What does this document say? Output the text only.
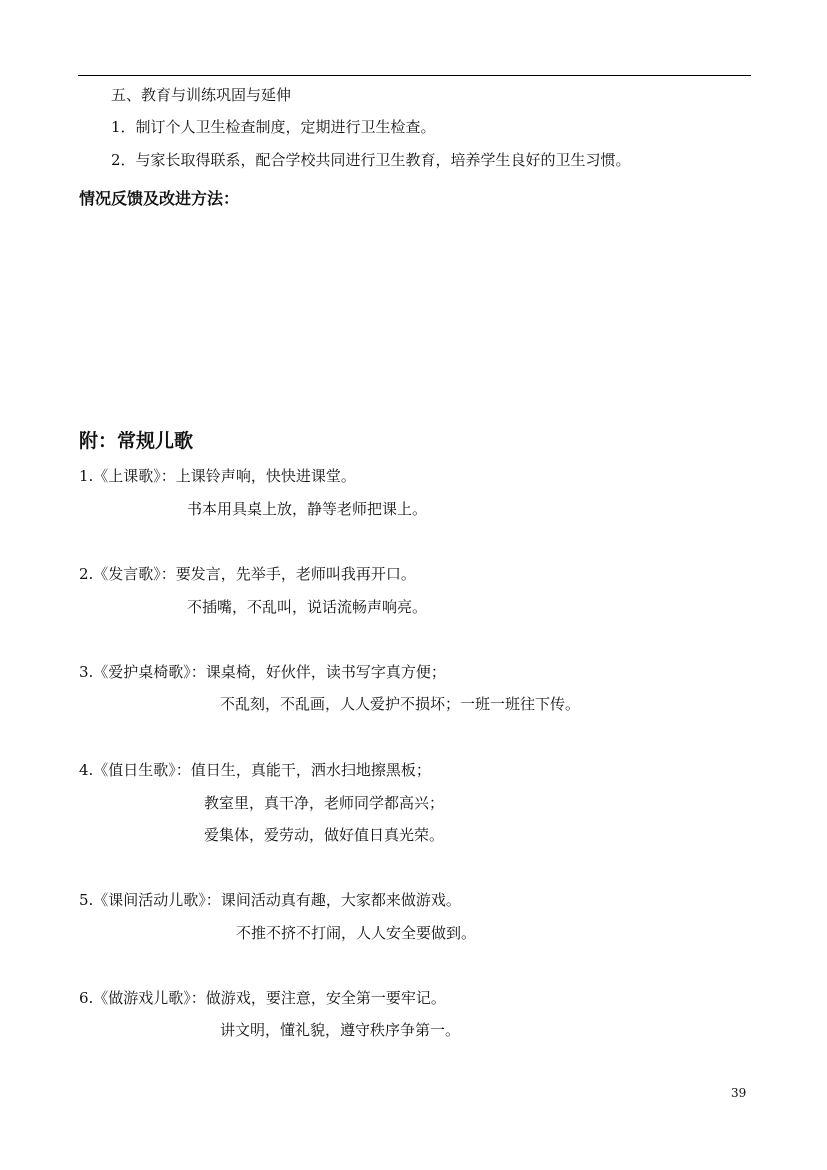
五、教育与训练巩固与延伸
1．制订个人卫生检查制度，定期进行卫生检查。
2．与家长取得联系，配合学校共同进行卫生教育，培养学生良好的卫生习惯。
情况反馈及改进方法：
附：常规儿歌
1.《上课歌》：上课铃声响，快快进课堂。
书本用具桌上放，静等老师把课上。
2.《发言歌》：要发言，先举手，老师叫我再开口。
不插嘴，不乱叫，说话流畅声响亮。
3.《爱护桌椅歌》：课桌椅，好伙伴，读书写字真方便；
不乱刻，不乱画，人人爱护不损坏；一班一班往下传。
4.《值日生歌》：值日生，真能干，洒水扫地擦黑板；
教室里，真干净，老师同学都高兴；
爱集体，爱劳动，做好值日真光荣。
5.《课间活动儿歌》：课间活动真有趣，大家都来做游戏。
不推不挤不打闹，人人安全要做到。
6.《做游戏儿歌》：做游戏，要注意，安全第一要牢记。
讲文明，懂礼貌，遵守秩序争第一。
39
